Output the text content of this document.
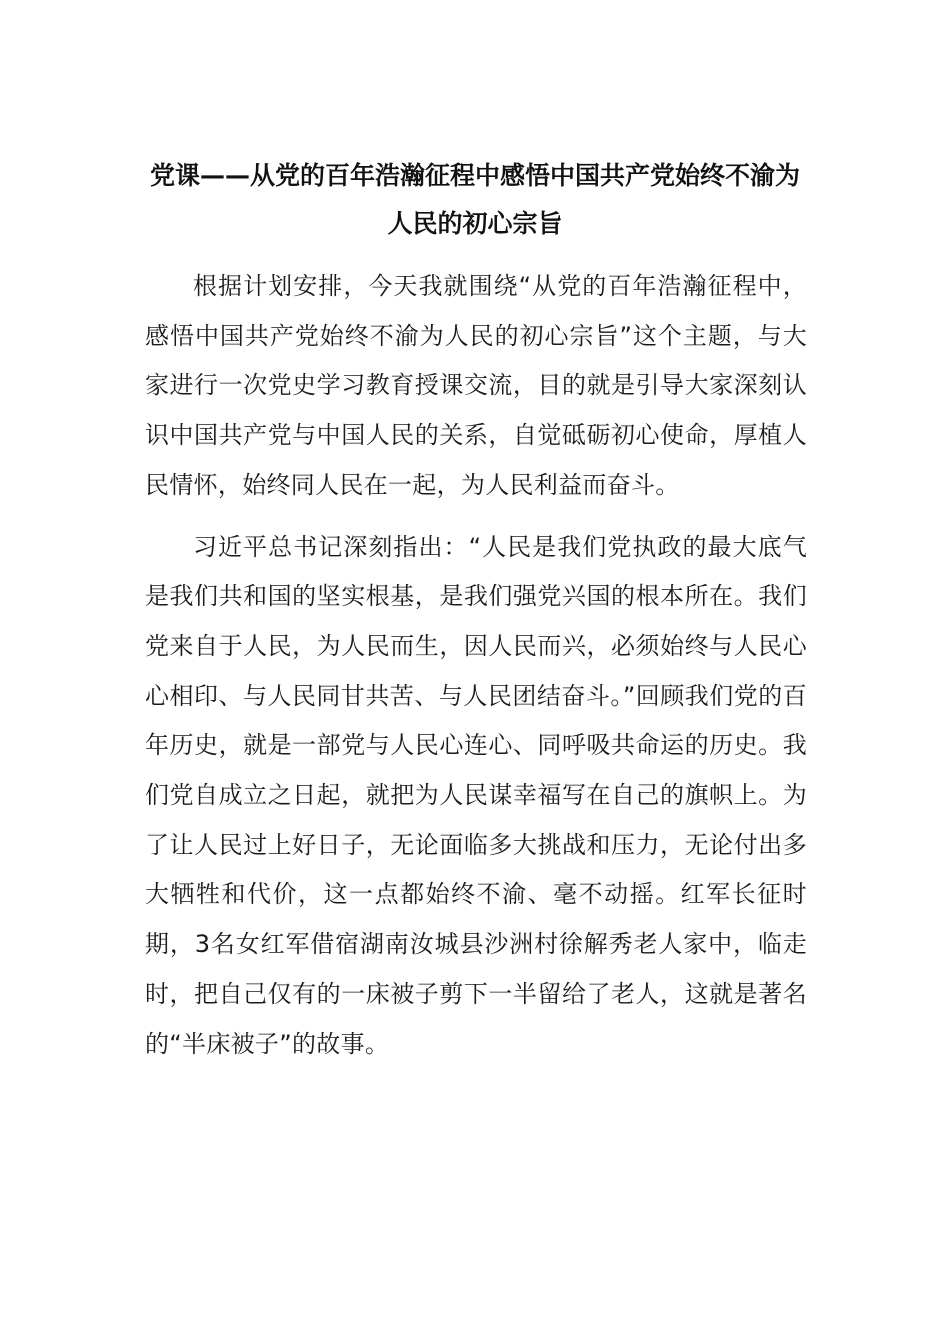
党课——从党的百年浩瀚征程中感悟中国共产党始终不渝为人民的初心宗旨

根据计划安排，今天我就围绕“从党的百年浩瀚征程中，感悟中国共产党始终不渝为人民的初心宗旨”这个主题，与大家进行一次党史学习教育授课交流，目的就是引导大家深刻认识中国共产党与中国人民的关系，自觉砥砺初心使命，厚植人民情怀，始终同人民在一起，为人民利益而奋斗。

习近平总书记深刻指出：“人民是我们党执政的最大底气是我们共和国的坚实根基，是我们强党兴国的根本所在。我们党来自于人民，为人民而生，因人民而兴，必须始终与人民心心相印、与人民同甘共苦、与人民团结奋斗。”回顾我们党的百年历史，就是一部党与人民心连心、同呼吸共命运的历史。我们党自成立之日起，就把为人民谋幸福写在自己的旗帜上。为了让人民过上好日子，无论面临多大挑战和压力，无论付出多大牺牲和代价，这一点都始终不渝、毫不动摇。红军长征时期，3名女红军借宿湖南汝城县沙洲村徐解秀老人家中，临走时，把自己仅有的一床被子剪下一半留给了老人，这就是著名的“半床被子”的故事。
